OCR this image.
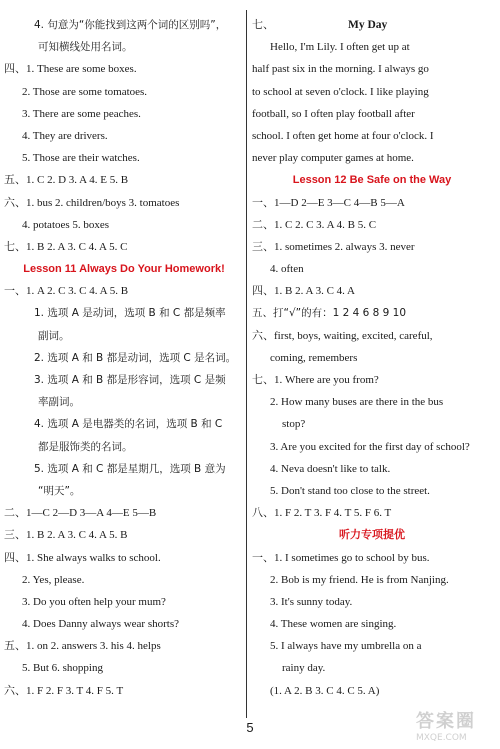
4. 句意为“你能找到这两个词的区别吗”，
可知横线处用名词。
四、1. These are some boxes.
2. Those are some tomatoes.
3. There are some peaches.
4. They are drivers.
5. Those are their watches.
五、1. C 2. D 3. A 4. E 5. B
六、1. bus 2. children/boys 3. tomatoes
4. potatoes 5. boxes
七、1. B 2. A 3. C 4. A 5. C
Lesson 11 Always Do Your Homework!
一、1. A 2. C 3. C 4. A 5. B
1. 选项 A 是动词，选项 B 和 C 都是频率
副词。
2. 选项 A 和 B 都是动词，选项 C 是名词。
3. 选项 A 和 B 都是形容词，选项 C 是频
率副词。
4. 选项 A 是电器类的名词，选项 B 和 C
都是服饰类的名词。
5. 选项 A 和 C 都是星期几，选项 B 意为
“明天”。
二、1—C 2—D 3—A 4—E 5—B
三、1. B 2. A 3. C 4. A 5. B
四、1. She always walks to school.
2. Yes, please.
3. Do you often help your mum?
4. Does Danny always wear shorts?
五、1. on 2. answers 3. his 4. helps
5. But 6. shopping
六、1. F 2. F 3. T 4. F 5. T
七、	My Day
Hello, I'm Lily. I often get up at
half past six in the morning. I always go
to school at seven o'clock. I like playing
football, so I often play football after
school. I often get home at four o'clock. I
never play computer games at home.
Lesson 12 Be Safe on the Way
一、1—D 2—E 3—C 4—B 5—A
二、1. C 2. C 3. A 4. B 5. C
三、1. sometimes 2. always 3. never
4. often
四、1. B 2. A 3. C 4. A
五、打“√”的有：1 2 4 6 8 9 10
六、first, boys, waiting, excited, careful,
coming, remembers
七、1. Where are you from?
2. How many buses are there in the bus
stop?
3. Are you excited for the first day of school?
4. Neva doesn't like to talk.
5. Don't stand too close to the street.
八、1. F 2. T 3. F 4. T 5. F 6. T
听力专项提优
一、1. I sometimes go to school by bus.
2. Bob is my friend. He is from Nanjing.
3. It's sunny today.
4. These women are singing.
5. I always have my umbrella on a
rainy day.
(1. A 2. B 3. C 4. C 5. A)
5	答案圈
MXQE.COM
